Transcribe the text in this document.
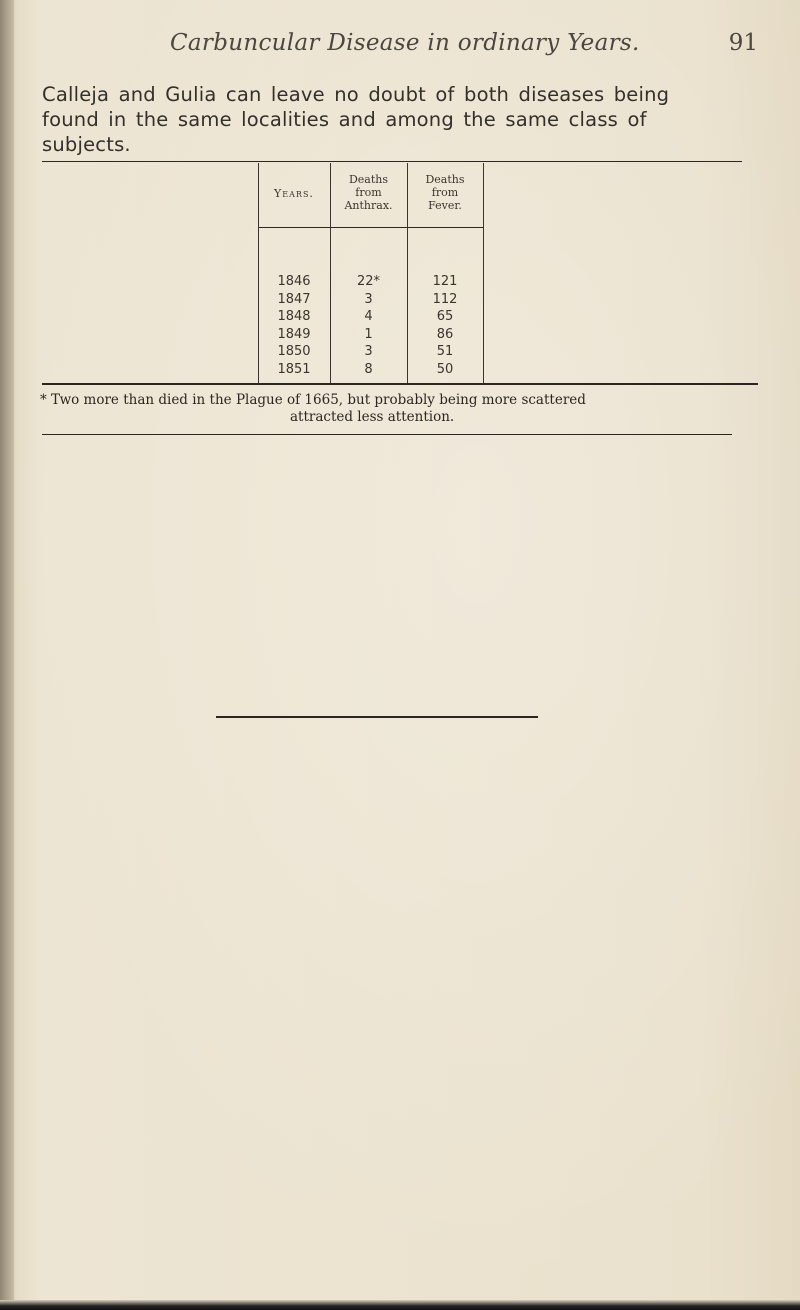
Carbuncular Disease in ordinary Years.	91
Calleja and Gulia can leave no doubt of both diseases being
found in the same localities and among the same class of
subjects.
Years.
Deaths
from
Anthrax.
Deaths
from
Fever.
1846
1847
1848
1849
1850
1851
22*
3
4
1
3
8
121
112
65
86
51
50
* Two more than died in the Plague of 1665, but probably being more scattered
attracted less attention.
